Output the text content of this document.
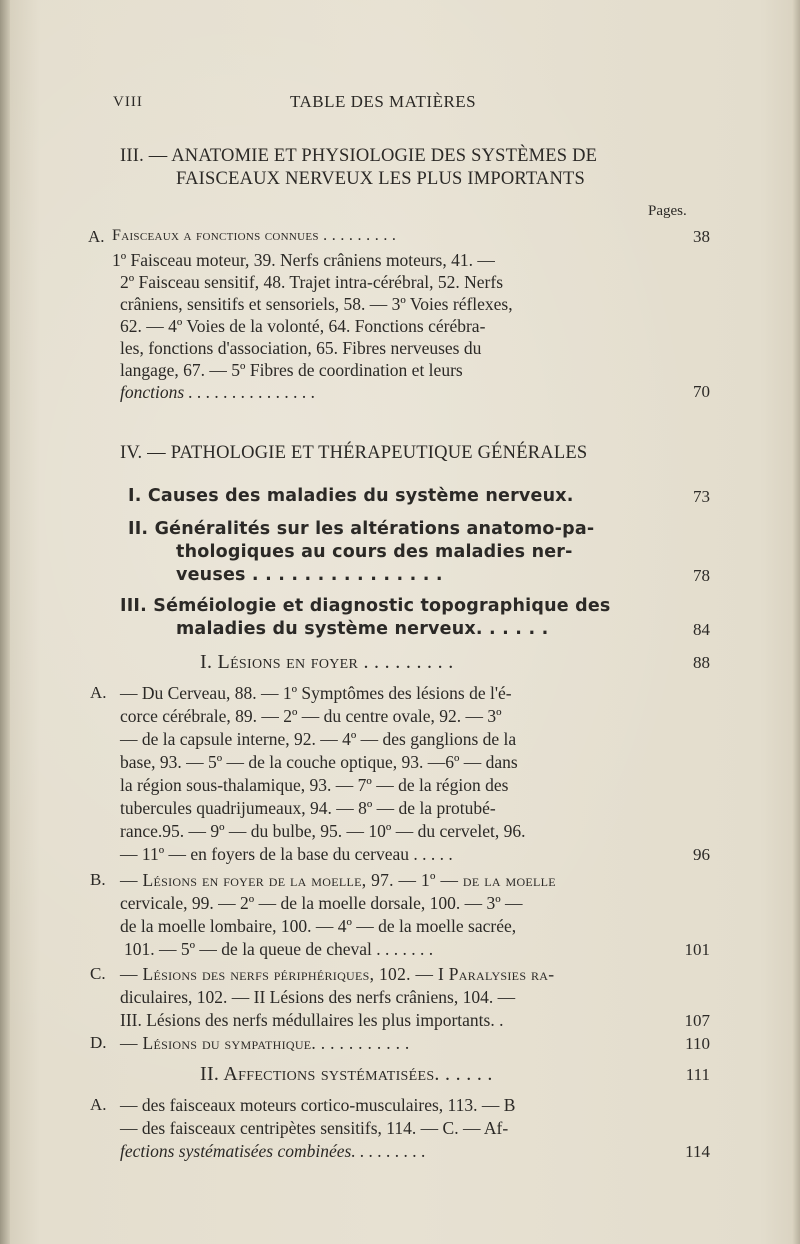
VIII	TABLE DES MATIÈRES
III. — ANATOMIE ET PHYSIOLOGIE DES SYSTÈMES DE
FAISCEAUX NERVEUX LES PLUS IMPORTANTS
Pages.
A. Faisceaux a fonctions connues . . . . . . . . .	38
1º Faisceau moteur, 39. Nerfs crâniens moteurs, 41. —
2º Faisceau sensitif, 48. Trajet intra-cérébral, 52. Nerfs
crâniens, sensitifs et sensoriels, 58. — 3º Voies réflexes,
62. — 4º Voies de la volonté, 64. Fonctions cérébra-
les, fonctions d'association, 65. Fibres nerveuses du
langage, 67. — 5º Fibres de coordination et leurs
fonctions . . . . . . . . . . . . . . .	70
IV. — PATHOLOGIE ET THÉRAPEUTIQUE GÉNÉRALES
I. Causes des maladies du système nerveux.	73
II. Généralités sur les altérations anatomo-pa-
thologiques au cours des maladies ner-
veuses . . . . . . . . . . . . . . .	78
III. Séméiologie et diagnostic topographique des
maladies du système nerveux. . . . . .	84
I. Lésions en foyer . . . . . . . . .	88
A. — Du Cerveau, 88. — 1º Symptômes des lésions de l'é-
corce cérébrale, 89. — 2º — du centre ovale, 92. — 3º
— de la capsule interne, 92. — 4º — des ganglions de la
base, 93. — 5º — de la couche optique, 93. —6º — dans
la région sous-thalamique, 93. — 7º — de la région des
tubercules quadrijumeaux, 94. — 8º — de la protubé-
rance.95. — 9º — du bulbe, 95. — 10º — du cervelet, 96.
— 11º — en foyers de la base du cerveau . . . . .	96
B. — Lésions en foyer de la moelle, 97. — 1º — de la moelle
cervicale, 99. — 2º — de la moelle dorsale, 100. — 3º —
de la moelle lombaire, 100. — 4º — de la moelle sacrée,
101. — 5º — de la queue de cheval . . . . . . .	101
C. — Lésions des nerfs périphériques, 102. — I Paralysies ra-
diculaires, 102. — II Lésions des nerfs crâniens, 104. —
III. Lésions des nerfs médullaires les plus importants. .	107
D. — Lésions du sympathique. . . . . . . . . . .	110
II. Affections systématisées. . . . . .	111
A. — des faisceaux moteurs cortico-musculaires, 113. — B
— des faisceaux centripètes sensitifs, 114. — C. — Af-
fections systématisées combinées. . . . . . . . .	114
